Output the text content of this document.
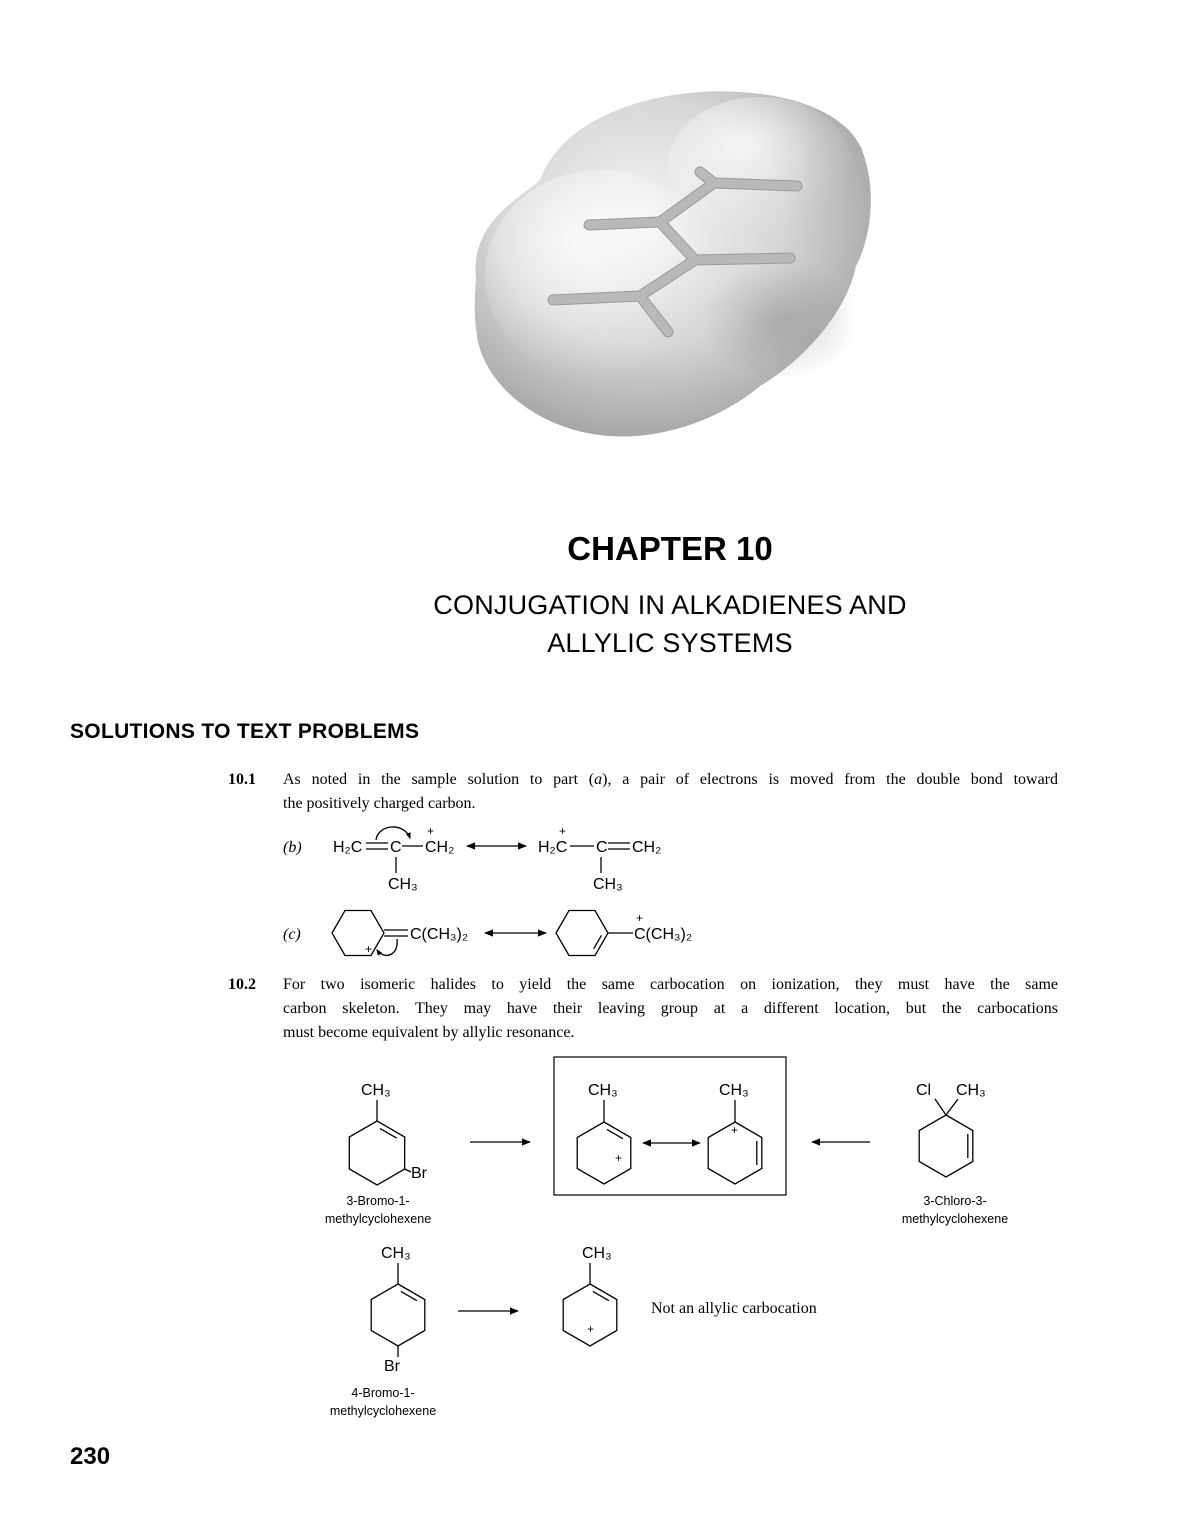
(b) H₂C C CH₂
+
CH₃
H₂C
+
C CH₂
CH₃
(c)	C(CH₃)₂
+
C(CH₃)₂
+
CH₃
Br
3-Bromo-1-
methylcyclohexene
CH₃
+
CH₃
+
Cl CH₃
3-Chloro-3-
methylcyclohexene
CH₃
Br
4-Bromo-1-
methylcyclohexene
CH₃
+
CHAPTER 10
CONJUGATION IN ALKADIENES AND
ALLYLIC SYSTEMS
SOLUTIONS TO TEXT PROBLEMS
10.1 As noted in the sample solution to part (a), a pair of electrons is moved from the double bond toward
the positively charged carbon.
10.2 For two isomeric halides to yield the same carbocation on ionization, they must have the same
carbon skeleton. They may have their leaving group at a different location, but the carbocations
must become equivalent by allylic resonance.
Not an allylic carbocation
230
